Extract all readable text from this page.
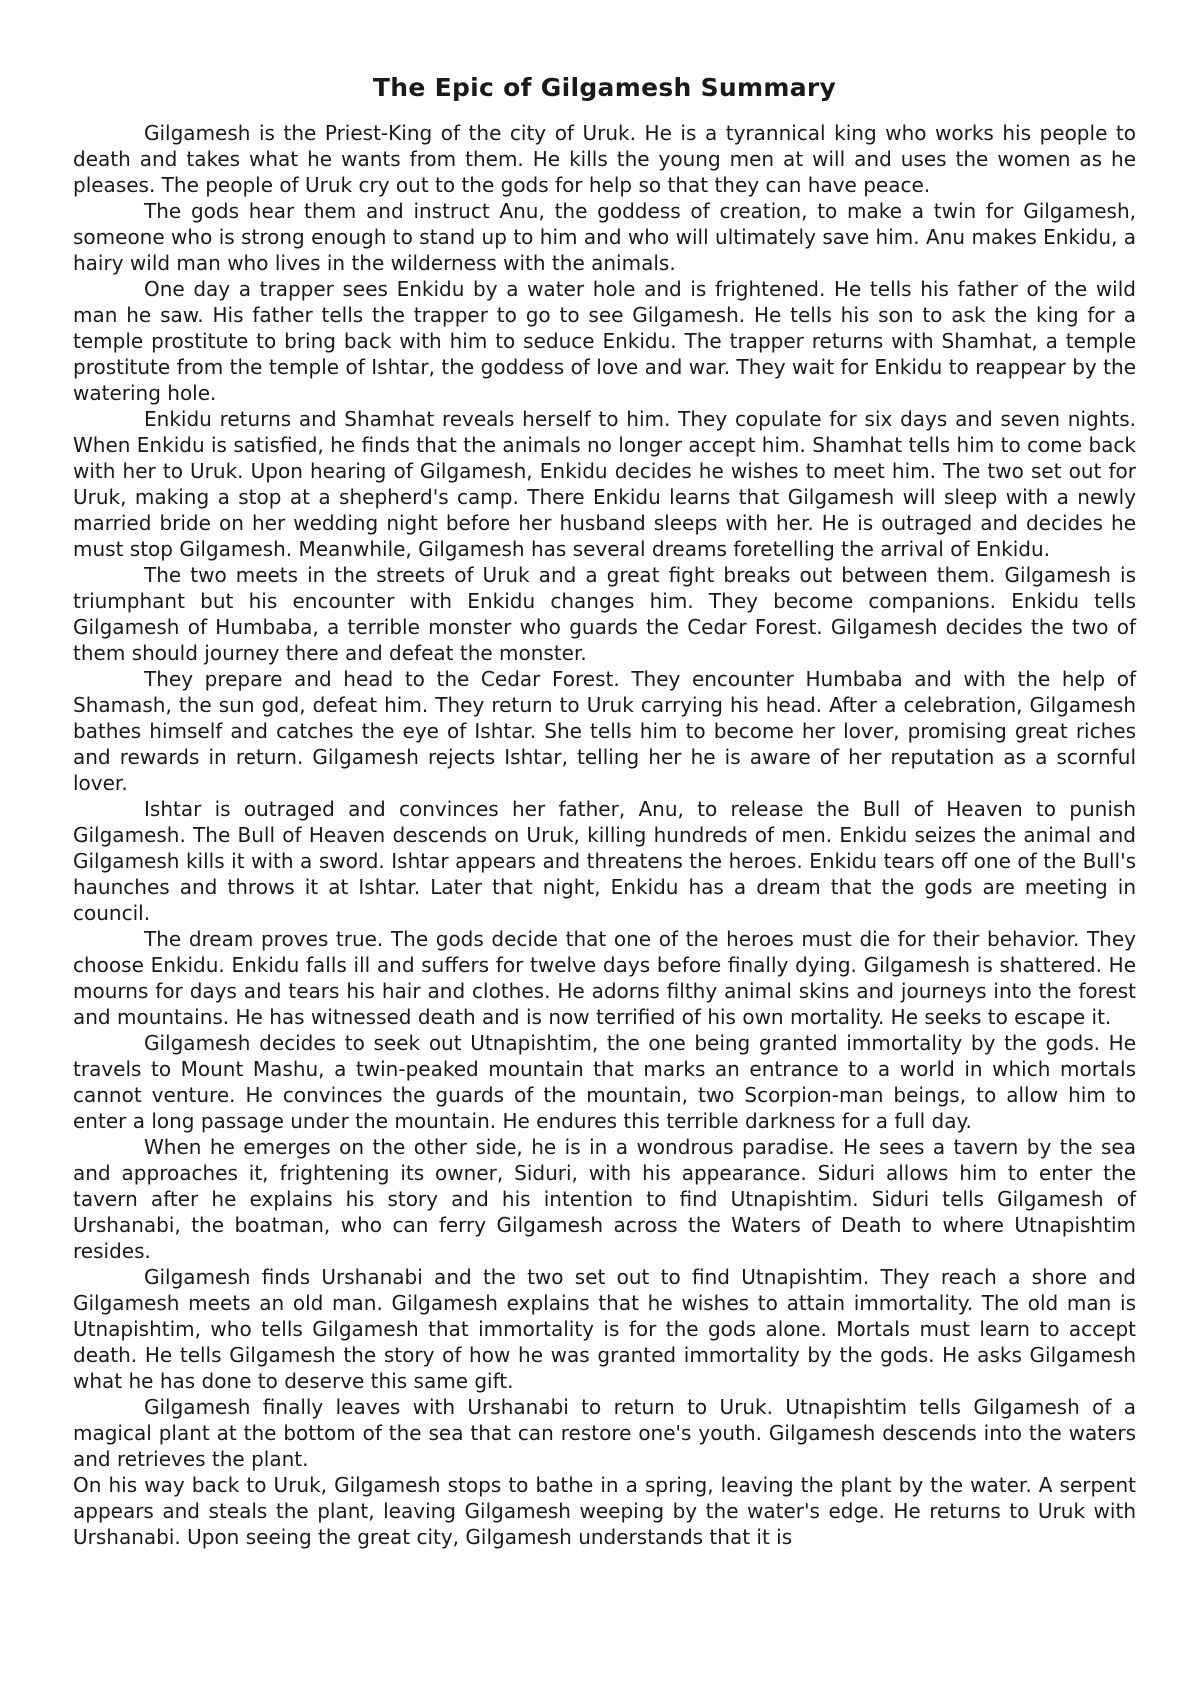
The Epic of Gilgamesh Summary

Gilgamesh is the Priest-King of the city of Uruk. He is a tyrannical king who works his people to death and takes what he wants from them. He kills the young men at will and uses the women as he pleases. The people of Uruk cry out to the gods for help so that they can have peace.

The gods hear them and instruct Anu, the goddess of creation, to make a twin for Gilgamesh, someone who is strong enough to stand up to him and who will ultimately save him. Anu makes Enkidu, a hairy wild man who lives in the wilderness with the animals.

One day a trapper sees Enkidu by a water hole and is frightened. He tells his father of the wild man he saw. His father tells the trapper to go to see Gilgamesh. He tells his son to ask the king for a temple prostitute to bring back with him to seduce Enkidu. The trapper returns with Shamhat, a temple prostitute from the temple of Ishtar, the goddess of love and war. They wait for Enkidu to reappear by the watering hole.

Enkidu returns and Shamhat reveals herself to him. They copulate for six days and seven nights. When Enkidu is satisfied, he finds that the animals no longer accept him. Shamhat tells him to come back with her to Uruk. Upon hearing of Gilgamesh, Enkidu decides he wishes to meet him. The two set out for Uruk, making a stop at a shepherd's camp. There Enkidu learns that Gilgamesh will sleep with a newly married bride on her wedding night before her husband sleeps with her. He is outraged and decides he must stop Gilgamesh. Meanwhile, Gilgamesh has several dreams foretelling the arrival of Enkidu.

The two meets in the streets of Uruk and a great fight breaks out between them. Gilgamesh is triumphant but his encounter with Enkidu changes him. They become companions. Enkidu tells Gilgamesh of Humbaba, a terrible monster who guards the Cedar Forest. Gilgamesh decides the two of them should journey there and defeat the monster.

They prepare and head to the Cedar Forest. They encounter Humbaba and with the help of Shamash, the sun god, defeat him. They return to Uruk carrying his head. After a celebration, Gilgamesh bathes himself and catches the eye of Ishtar. She tells him to become her lover, promising great riches and rewards in return. Gilgamesh rejects Ishtar, telling her he is aware of her reputation as a scornful lover.

Ishtar is outraged and convinces her father, Anu, to release the Bull of Heaven to punish Gilgamesh. The Bull of Heaven descends on Uruk, killing hundreds of men. Enkidu seizes the animal and Gilgamesh kills it with a sword. Ishtar appears and threatens the heroes. Enkidu tears off one of the Bull's haunches and throws it at Ishtar. Later that night, Enkidu has a dream that the gods are meeting in council.

The dream proves true. The gods decide that one of the heroes must die for their behavior. They choose Enkidu. Enkidu falls ill and suffers for twelve days before finally dying. Gilgamesh is shattered. He mourns for days and tears his hair and clothes. He adorns filthy animal skins and journeys into the forest and mountains. He has witnessed death and is now terrified of his own mortality. He seeks to escape it.

Gilgamesh decides to seek out Utnapishtim, the one being granted immortality by the gods. He travels to Mount Mashu, a twin-peaked mountain that marks an entrance to a world in which mortals cannot venture. He convinces the guards of the mountain, two Scorpion-man beings, to allow him to enter a long passage under the mountain. He endures this terrible darkness for a full day.

When he emerges on the other side, he is in a wondrous paradise. He sees a tavern by the sea and approaches it, frightening its owner, Siduri, with his appearance. Siduri allows him to enter the tavern after he explains his story and his intention to find Utnapishtim. Siduri tells Gilgamesh of Urshanabi, the boatman, who can ferry Gilgamesh across the Waters of Death to where Utnapishtim resides.

Gilgamesh finds Urshanabi and the two set out to find Utnapishtim. They reach a shore and Gilgamesh meets an old man. Gilgamesh explains that he wishes to attain immortality. The old man is Utnapishtim, who tells Gilgamesh that immortality is for the gods alone. Mortals must learn to accept death. He tells Gilgamesh the story of how he was granted immortality by the gods. He asks Gilgamesh what he has done to deserve this same gift.

Gilgamesh finally leaves with Urshanabi to return to Uruk. Utnapishtim tells Gilgamesh of a magical plant at the bottom of the sea that can restore one's youth. Gilgamesh descends into the waters and retrieves the plant.

On his way back to Uruk, Gilgamesh stops to bathe in a spring, leaving the plant by the water. A serpent appears and steals the plant, leaving Gilgamesh weeping by the water's edge. He returns to Uruk with Urshanabi. Upon seeing the great city, Gilgamesh understands that it is
